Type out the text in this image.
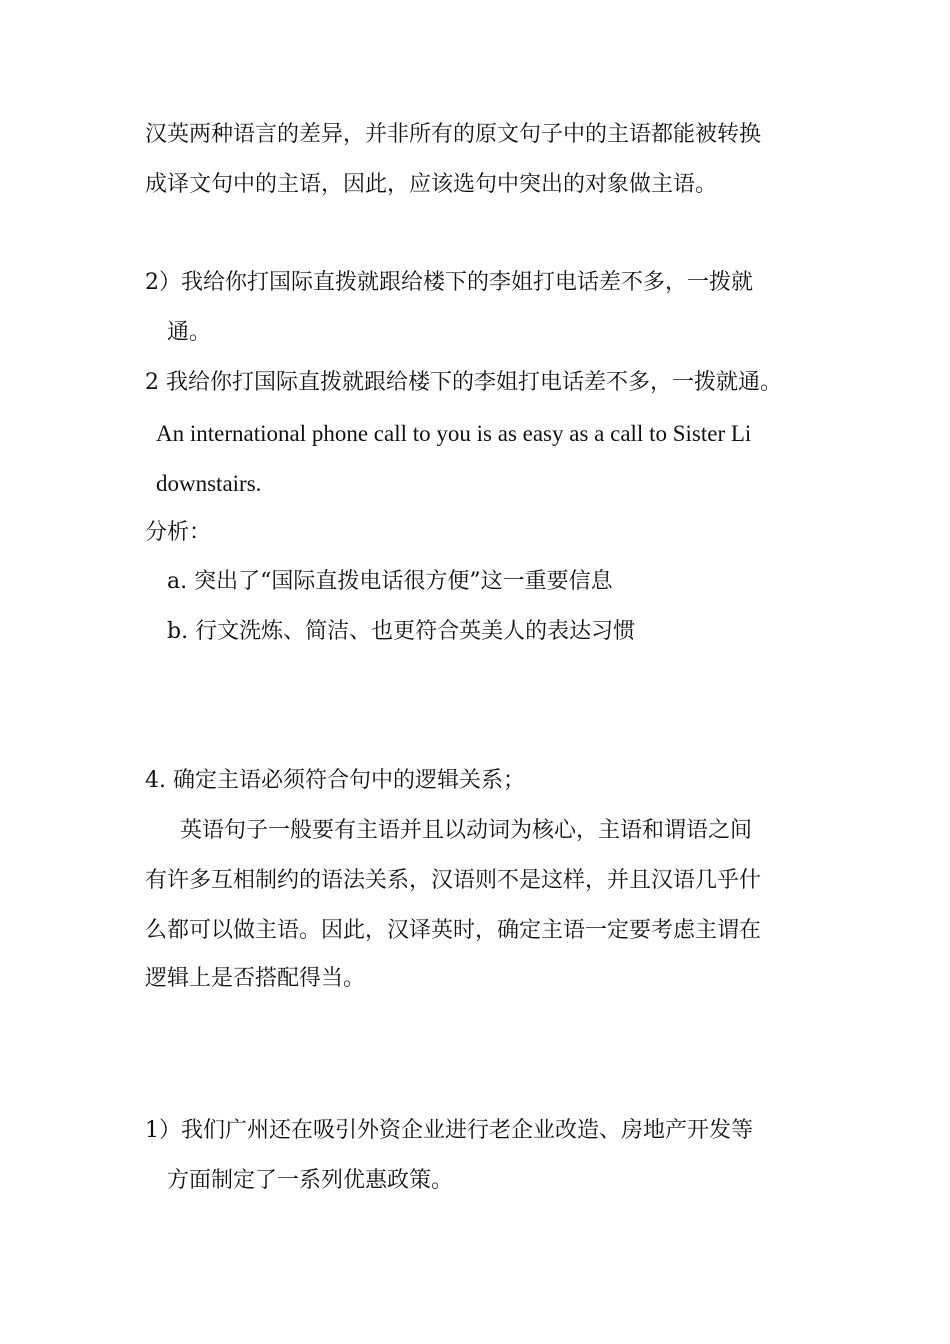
汉英两种语言的差异，并非所有的原文句子中的主语都能被转换
成译文句中的主语，因此，应该选句中突出的对象做主语。
2）我给你打国际直拨就跟给楼下的李姐打电话差不多，一拨就
通。
2 我给你打国际直拨就跟给楼下的李姐打电话差不多，一拨就通。
An international phone call to you is as easy as a call to Sister Li
downstairs.
分析：
a. 突出了“国际直拨电话很方便”这一重要信息
b. 行文洗炼、简洁、也更符合英美人的表达习惯
4. 确定主语必须符合句中的逻辑关系；
英语句子一般要有主语并且以动词为核心，主语和谓语之间
有许多互相制约的语法关系，汉语则不是这样，并且汉语几乎什
么都可以做主语。因此，汉译英时，确定主语一定要考虑主谓在
逻辑上是否搭配得当。
1）我们广州还在吸引外资企业进行老企业改造、房地产开发等
方面制定了一系列优惠政策。
